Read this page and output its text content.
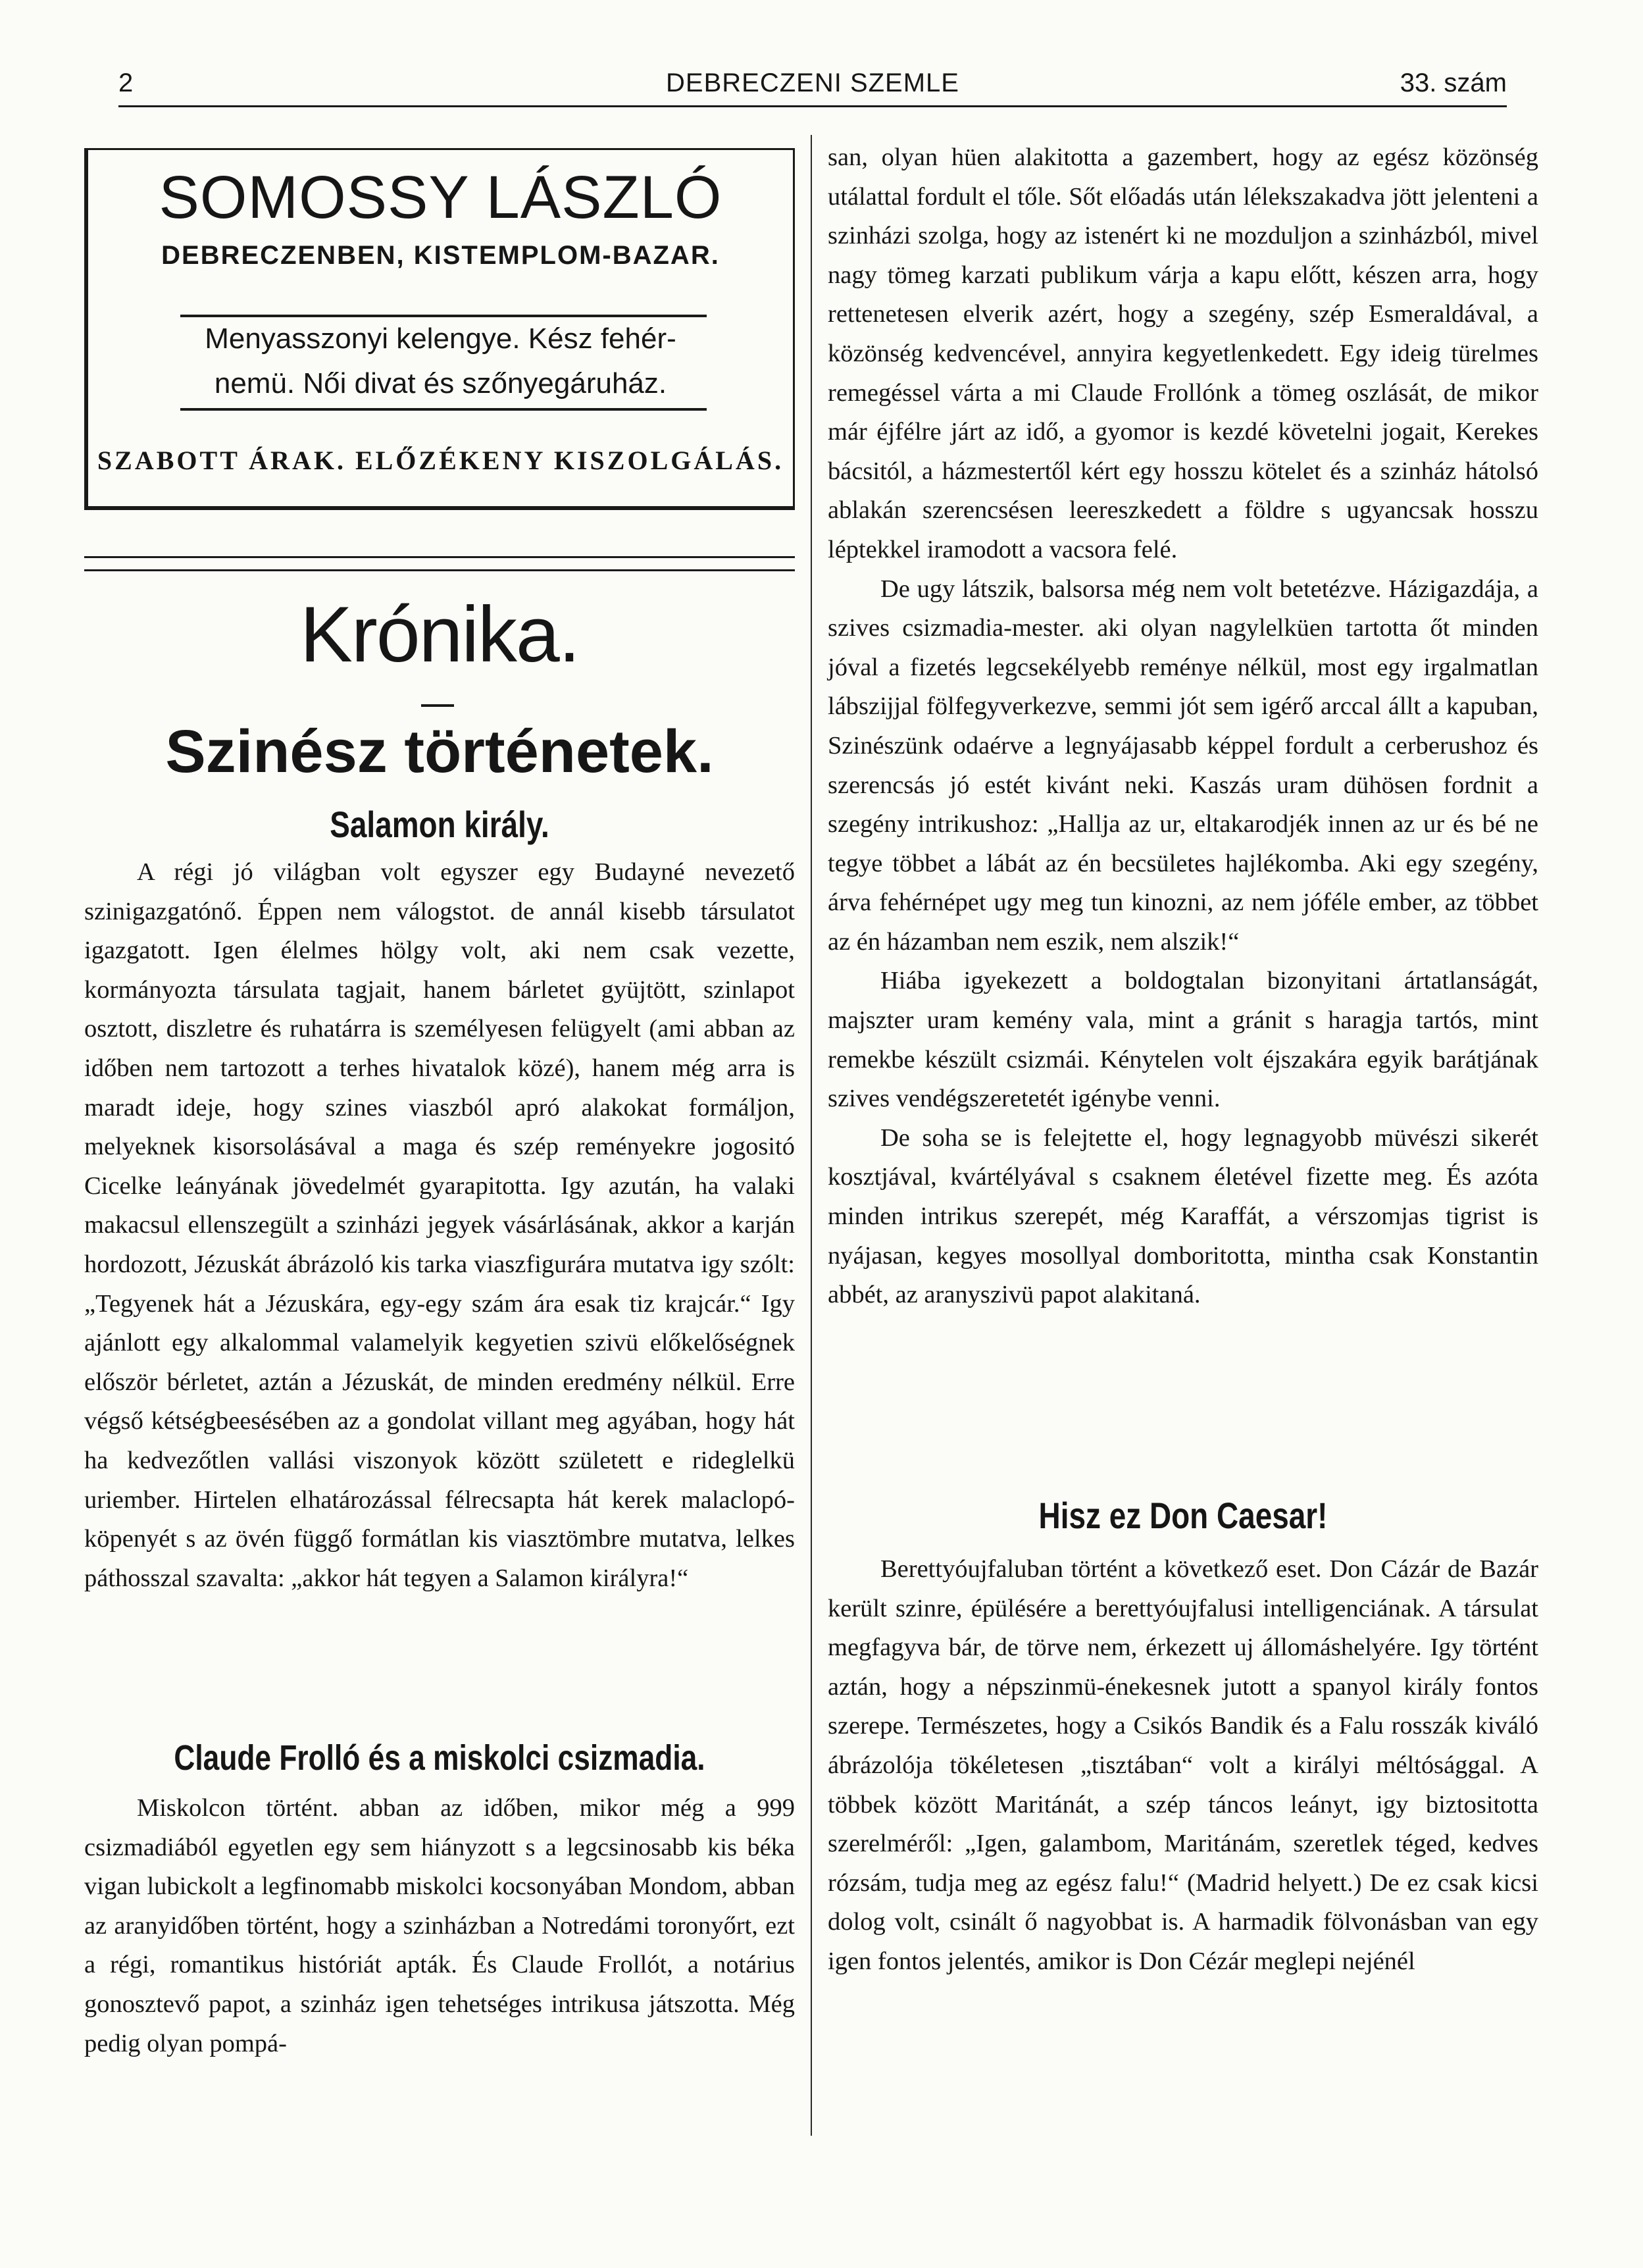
2	DEBRECZENI SZEMLE	33. szám
SOMOSSY LÁSZLÓ
DEBRECZENBEN, KISTEMPLOM-BAZAR.
Menyasszonyi kelengye. Kész fehér-
nemü. Női divat és szőnyegáruház.
SZABOTT ÁRAK. ELŐZÉKENY KISZOLGÁLÁS.
Krónika.
Szinész történetek.
Salamon király.

A régi jó világban volt egyszer egy Budayné nevezető szinigazgatónő. Éppen nem válogstot. de annál kisebb társulatot igazgatott. Igen élelmes hölgy volt, aki nem csak vezette, kormányozta társulata tagjait, hanem bárletet gyüjtött, szinlapot osztott, diszletre és ruhatárra is személyesen felügyelt (ami abban az időben nem tartozott a terhes hivatalok közé), hanem még arra is maradt ideje, hogy szines viaszból apró alakokat formáljon, melyeknek kisorsolásával a maga és szép reményekre jogositó Cicelke leányának jövedelmét gyarapitotta. Igy azután, ha valaki makacsul ellenszegült a szinházi jegyek vásárlásának, akkor a karján hordozott, Jézuskát ábrázoló kis tarka viaszfigurára mutatva igy szólt: „Tegyenek hát a Jézuskára, egy-egy szám ára esak tiz krajcár.“ Igy ajánlott egy alkalommal valamelyik kegyetien szivü előkelőségnek először bérletet, aztán a Jézuskát, de minden eredmény nélkül. Erre végső kétségbeesésében az a gondolat villant meg agyában, hogy hát ha kedvezőtlen vallási viszonyok között született e rideglelkü uriember. Hirtelen elhatározással félrecsapta hát kerek malaclopó-köpenyét s az övén függő formátlan kis viasztömbre mutatva, lelkes páthosszal szavalta: „akkor hát tegyen a Salamon királyra!“

Claude Frolló és a miskolci csizmadia.

Miskolcon történt. abban az időben, mikor még a 999 csizmadiából egyetlen egy sem hiányzott s a legcsinosabb kis béka vigan lubickolt a legfinomabb miskolci kocsonyában Mondom, abban az aranyidőben történt, hogy a szinházban a Notredámi toronyőrt, ezt a régi, romantikus históriát apták. És Claude Frollót, a notárius gonosztevő papot, a szinház igen tehetséges intrikusa játszotta. Még pedig olyan pompá-

san, olyan hüen alakitotta a gazembert, hogy az egész közönség utálattal fordult el tőle. Sőt előadás után lélekszakadva jött jelenteni a szinházi szolga, hogy az istenért ki ne mozduljon a szinházból, mivel nagy tömeg karzati publikum várja a kapu előtt, készen arra, hogy rettenetesen elverik azért, hogy a szegény, szép Esmeraldával, a közönség kedvencével, annyira kegyetlenkedett. Egy ideig türelmes remegéssel várta a mi Claude Frollónk a tömeg oszlását, de mikor már éjfélre járt az idő, a gyomor is kezdé követelni jogait, Kerekes bácsitól, a házmestertől kért egy hosszu kötelet és a szinház hátolsó ablakán szerencsésen leereszkedett a földre s ugyancsak hosszu léptekkel iramodott a vacsora felé.

De ugy látszik, balsorsa még nem volt betetézve. Házigazdája, a szives csizmadia-mester. aki olyan nagylelküen tartotta őt minden jóval a fizetés legcsekélyebb reménye nélkül, most egy irgalmatlan lábszijjal fölfegyverkezve, semmi jót sem igérő arccal állt a kapuban, Szinészünk odaérve a legnyájasabb képpel fordult a cerberushoz és szerencsás jó estét kivánt neki. Kaszás uram dühösen fordnit a szegény intrikushoz: „Hallja az ur, eltakarodjék innen az ur és bé ne tegye többet a lábát az én becsületes hajlékomba. Aki egy szegény, árva fehérnépet ugy meg tun kinozni, az nem jóféle ember, az többet az én házamban nem eszik, nem alszik!“

Hiába igyekezett a boldogtalan bizonyitani ártatlanságát, majszter uram kemény vala, mint a gránit s haragja tartós, mint remekbe készült csizmái. Kénytelen volt éjszakára egyik barátjának szives vendégszeretetét igénybe venni.

De soha se is felejtette el, hogy legnagyobb müvészi sikerét kosztjával, kvártélyával s csaknem életével fizette meg. És azóta minden intrikus szerepét, még Karaffát, a vérszomjas tigrist is nyájasan, kegyes mosollyal domboritotta, mintha csak Konstantin abbét, az aranyszivü papot alakitaná.

Hisz ez Don Caesar!

Berettyóujfaluban történt a következő eset. Don Cázár de Bazár került szinre, épülésére a berettyóujfalusi intelligenciának. A társulat megfagyva bár, de törve nem, érkezett uj állomáshelyére. Igy történt aztán, hogy a népszinmü-énekesnek jutott a spanyol király fontos szerepe. Természetes, hogy a Csikós Bandik és a Falu rosszák kiváló ábrázolója tökéletesen „tisztában“ volt a királyi méltósággal. A többek között Maritánát, a szép táncos leányt, igy biztositotta szerelméről: „Igen, galambom, Maritánám, szeretlek téged, kedves rózsám, tudja meg az egész falu!“ (Madrid helyett.) De ez csak kicsi dolog volt, csinált ő nagyobbat is. A harmadik fölvonásban van egy igen fontos jelentés, amikor is Don Cézár meglepi nejénél
